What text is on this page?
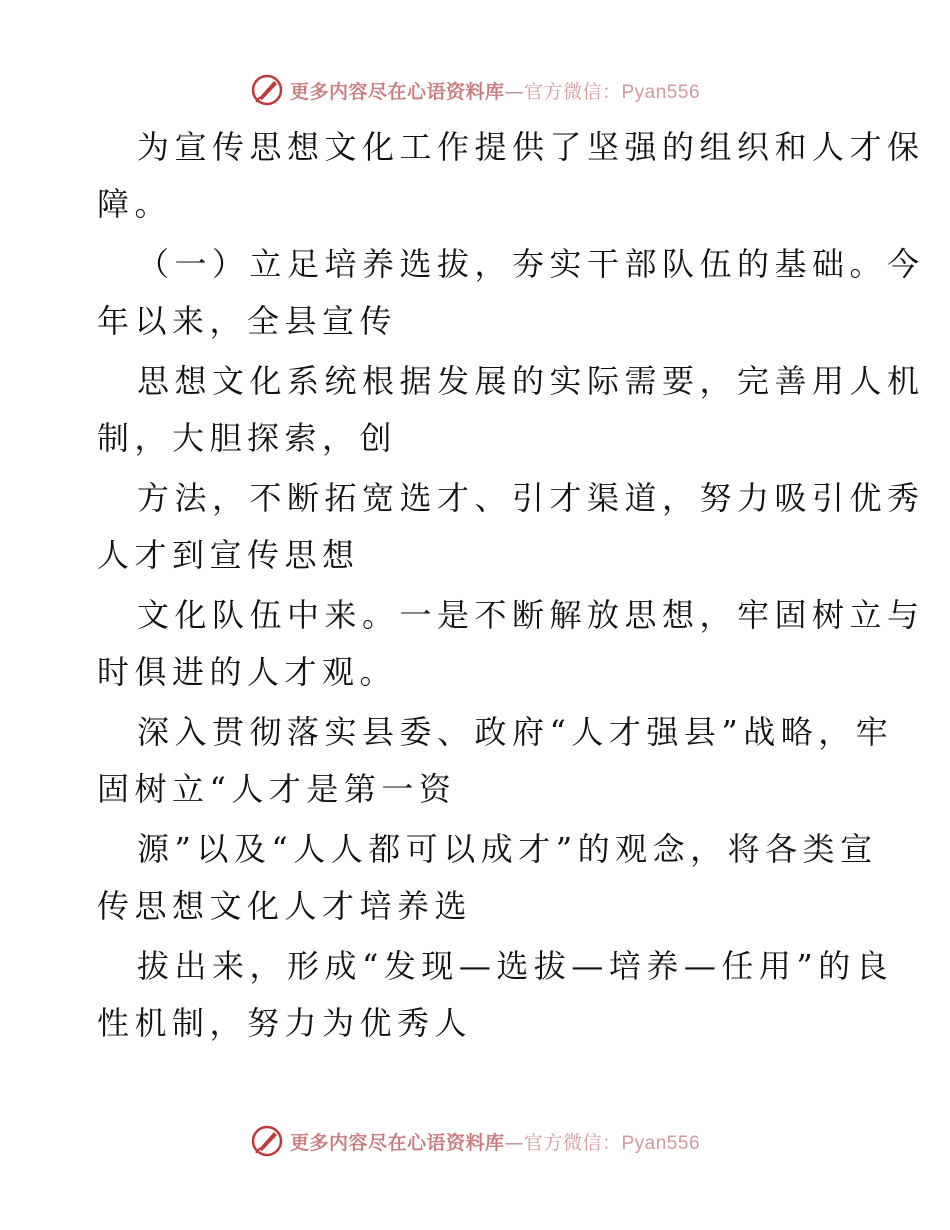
更多内容尽在心语资料库—官方微信：Pyan556
为宣传思想文化工作提供了坚强的组织和人才保
障。
（一）立足培养选拔，夯实干部队伍的基础。今
年以来，全县宣传
思想文化系统根据发展的实际需要，完善用人机
制，大胆探索，创
方法，不断拓宽选才、引才渠道，努力吸引优秀
人才到宣传思想
文化队伍中来。一是不断解放思想，牢固树立与
时俱进的人才观。
深入贯彻落实县委、政府“人才强县”战略，牢
固树立“人才是第一资
源”以及“人人都可以成才”的观念，将各类宣
传思想文化人才培养选
拔出来，形成“发现—选拔—培养—任用”的良
性机制，努力为优秀人
更多内容尽在心语资料库—官方微信：Pyan556
